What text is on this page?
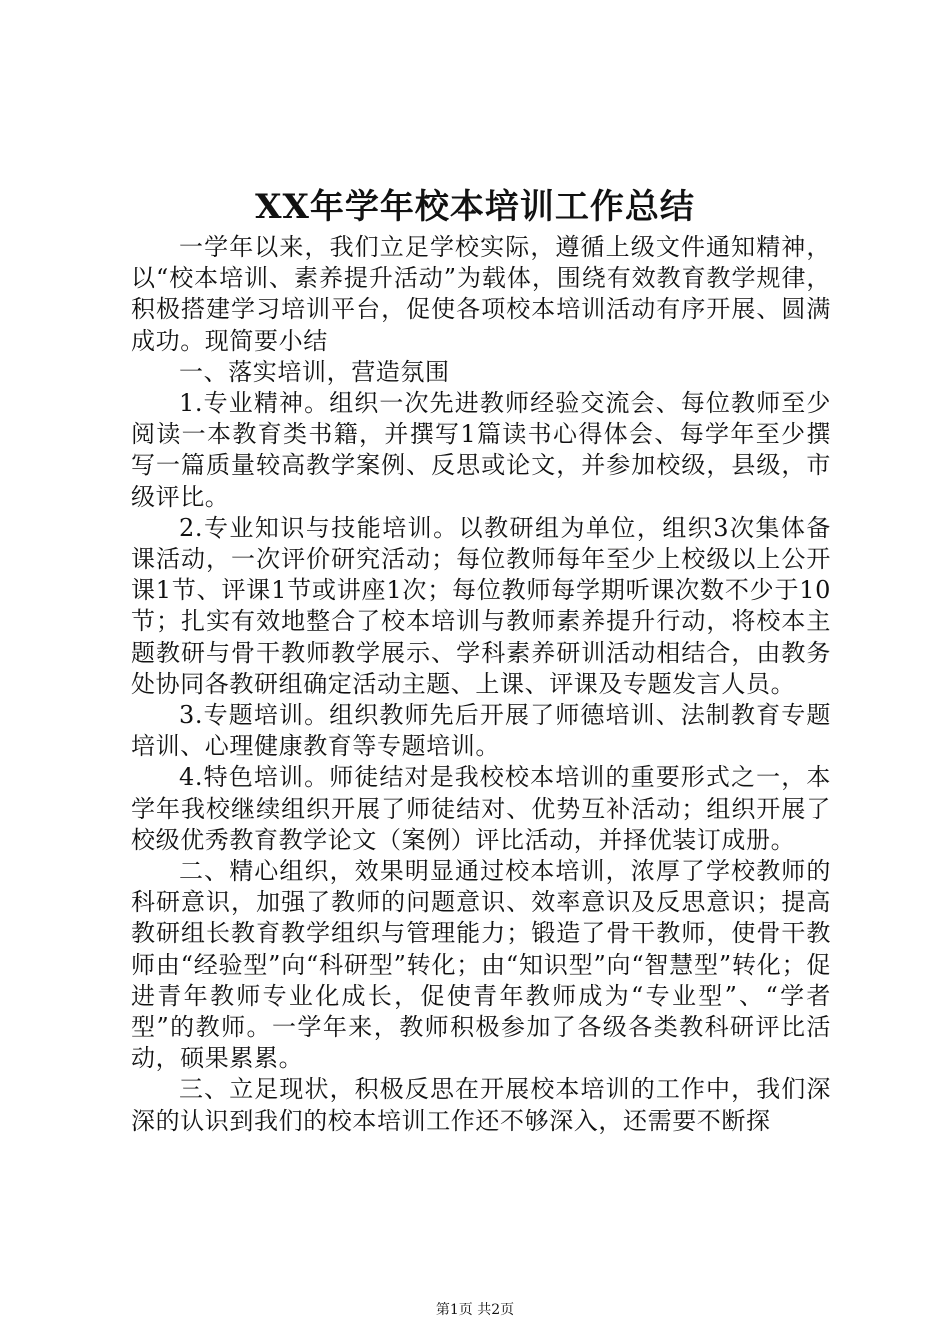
XX年学年校本培训工作总结

一学年以来，我们立足学校实际，遵循上级文件通知精神，以“校本培训、素养提升活动”为载体，围绕有效教育教学规律，积极搭建学习培训平台，促使各项校本培训活动有序开展、圆满成功。现简要小结

一、落实培训，营造氛围

1.专业精神。组织一次先进教师经验交流会、每位教师至少阅读一本教育类书籍，并撰写1篇读书心得体会、每学年至少撰写一篇质量较高教学案例、反思或论文，并参加校级，县级，市级评比。

2.专业知识与技能培训。以教研组为单位，组织3次集体备课活动，一次评价研究活动；每位教师每年至少上校级以上公开课1节、评课1节或讲座1次；每位教师每学期听课次数不少于10节；扎实有效地整合了校本培训与教师素养提升行动，将校本主题教研与骨干教师教学展示、学科素养研训活动相结合，由教务处协同各教研组确定活动主题、上课、评课及专题发言人员。

3.专题培训。组织教师先后开展了师德培训、法制教育专题培训、心理健康教育等专题培训。

4.特色培训。师徒结对是我校校本培训的重要形式之一，本学年我校继续组织开展了师徒结对、优势互补活动；组织开展了校级优秀教育教学论文（案例）评比活动，并择优装订成册。

二、精心组织，效果明显通过校本培训，浓厚了学校教师的科研意识，加强了教师的问题意识、效率意识及反思意识；提高教研组长教育教学组织与管理能力；锻造了骨干教师，使骨干教师由“经验型”向“科研型”转化；由“知识型”向“智慧型”转化；促进青年教师专业化成长，促使青年教师成为“专业型”、“学者型”的教师。一学年来，教师积极参加了各级各类教科研评比活动，硕果累累。

三、立足现状，积极反思在开展校本培训的工作中，我们深深的认识到我们的校本培训工作还不够深入，还需要不断探

第1页 共2页
